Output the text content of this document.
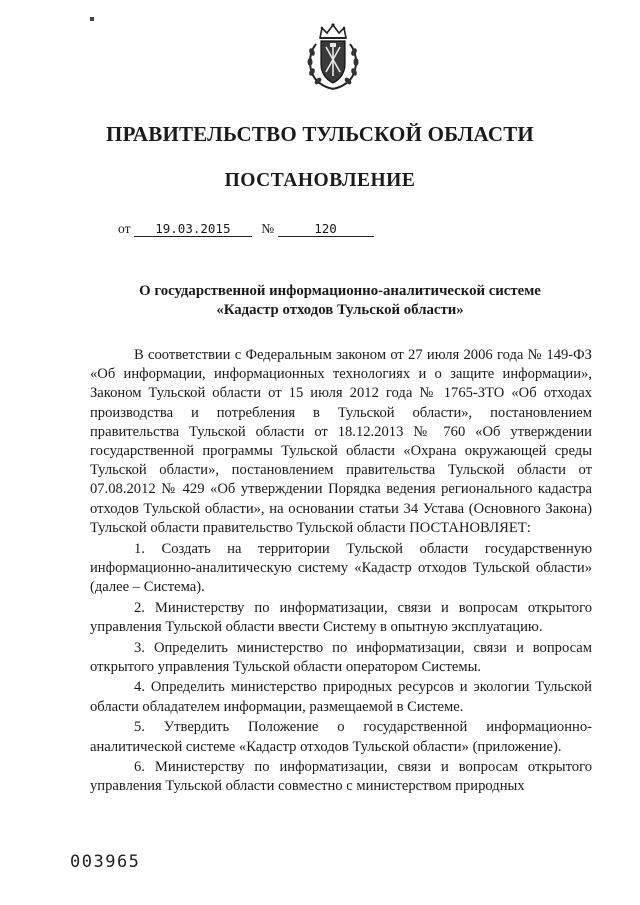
ПРАВИТЕЛЬСТВО ТУЛЬСКОЙ ОБЛАСТИ
ПОСТАНОВЛЕНИЕ
от 19.03.2015 №	120
О государственной информационно-аналитической системе
«Кадастр отходов Тульской области»

В соответствии с Федеральным законом от 27 июля 2006 года № 149-ФЗ «Об информации, информационных технологиях и о защите информации», Законом Тульской области от 15 июля 2012 года № 1765-ЗТО «Об отходах производства и потребления в Тульской области», постановлением правительства Тульской области от 18.12.2013 № 760 «Об утверждении государственной программы Тульской области «Охрана окружающей среды Тульской области», постановлением правительства Тульской области от 07.08.2012 № 429 «Об утверждении Порядка ведения регионального кадастра отходов Тульской области», на основании статьи 34 Устава (Основного Закона) Тульской области правительство Тульской области ПОСТАНОВЛЯЕТ:

1. Создать на территории Тульской области государственную информационно-аналитическую систему «Кадастр отходов Тульской области» (далее – Система).

2. Министерству по информатизации, связи и вопросам открытого управления Тульской области ввести Систему в опытную эксплуатацию.

3. Определить министерство по информатизации, связи и вопросам открытого управления Тульской области оператором Системы.

4. Определить министерство природных ресурсов и экологии Тульской области обладателем информации, размещаемой в Системе.

5. Утвердить Положение о государственной информационно-аналитической системе «Кадастр отходов Тульской области» (приложение).

6. Министерству по информатизации, связи и вопросам открытого управления Тульской области совместно с министерством природных

003965
